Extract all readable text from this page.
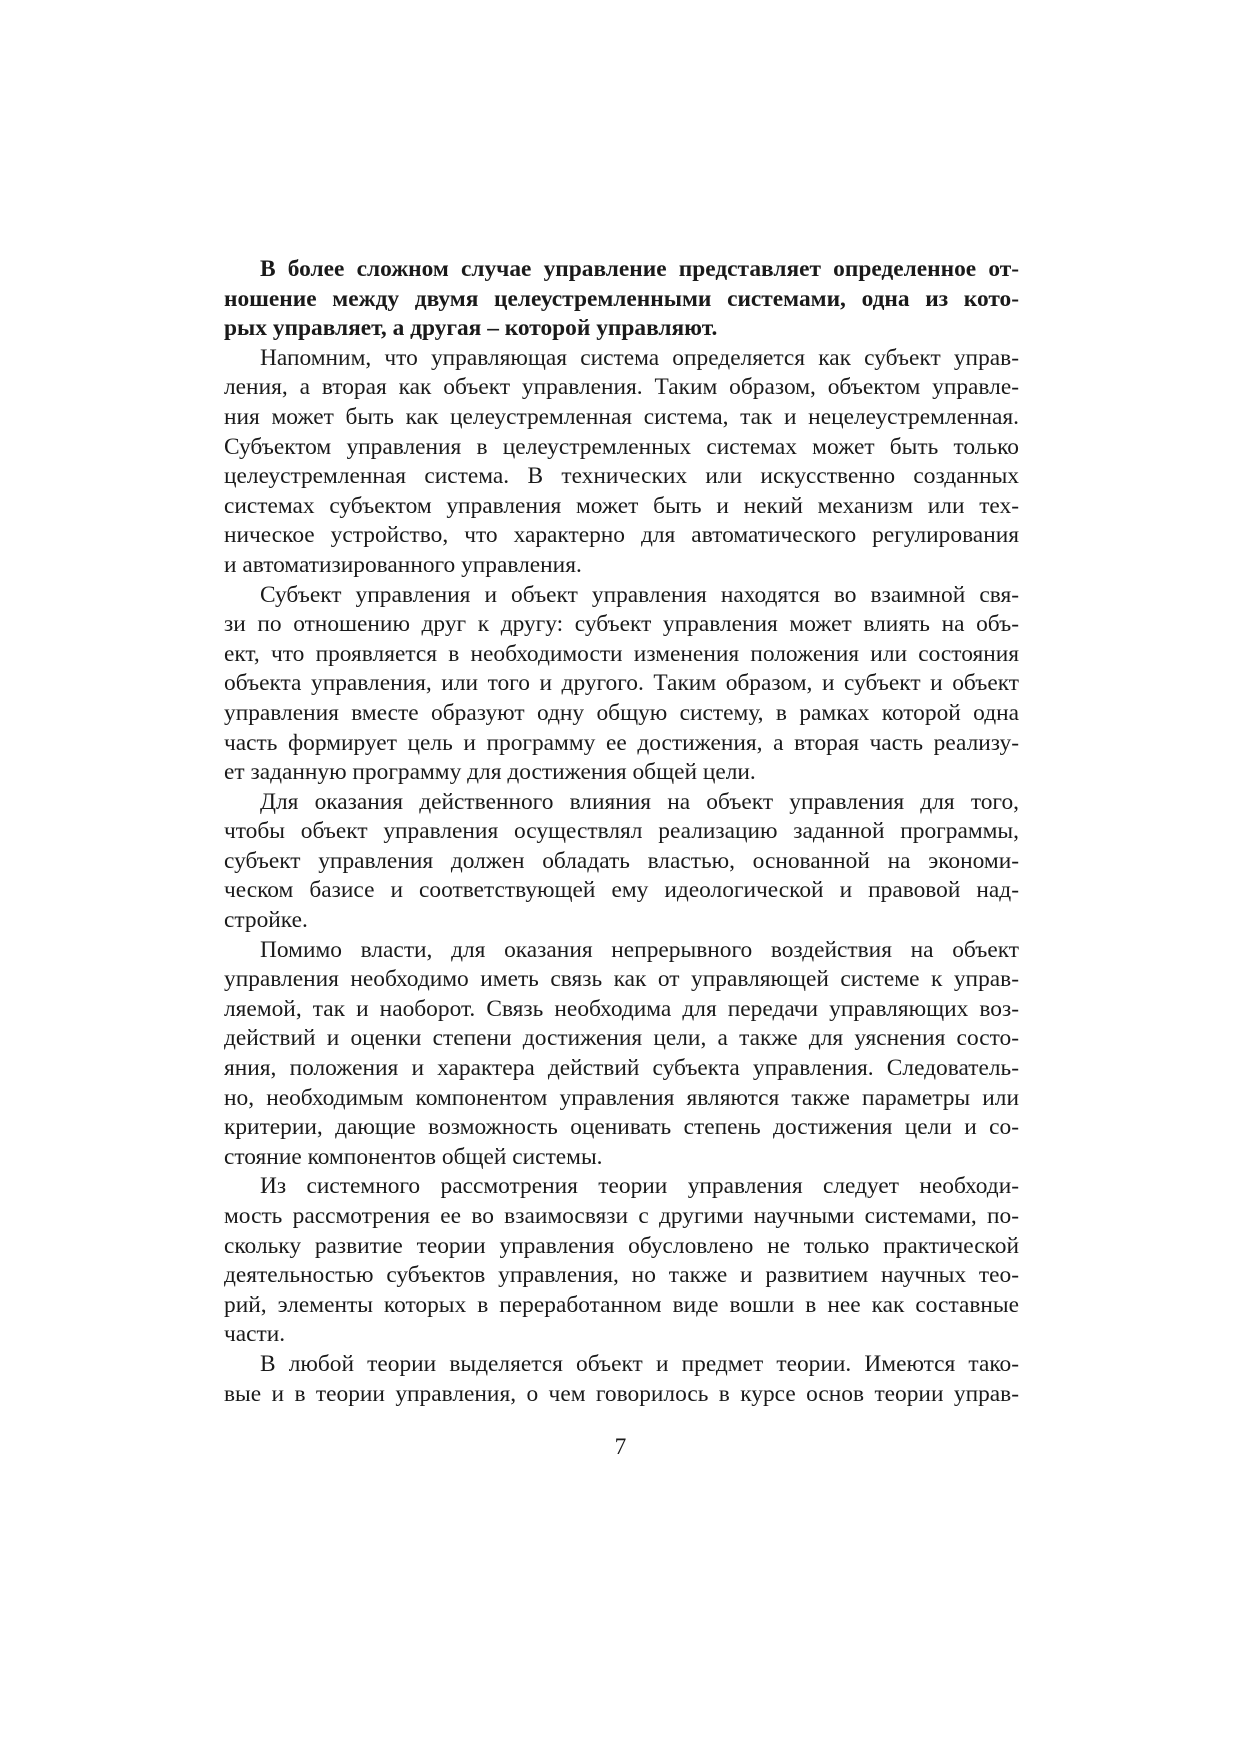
В более сложном случае управление представляет определенное от-
ношение между двумя целеустремленными системами, одна из кото-
рых управляет, а другая – которой управляют.
Напомним, что управляющая система определяется как субъект управ-
ления, а вторая как объект управления. Таким образом, объектом управле-
ния может быть как целеустремленная система, так и нецелеустремленная.
Субъектом управления в целеустремленных системах может быть только
целеустремленная система. В технических или искусственно созданных
системах субъектом управления может быть и некий механизм или тех-
ническое устройство, что характерно для автоматического регулирования
и автоматизированного управления.
Субъект управления и объект управления находятся во взаимной свя-
зи по отношению друг к другу: субъект управления может влиять на объ-
ект, что проявляется в необходимости изменения положения или состояния
объекта управления, или того и другого. Таким образом, и субъект и объект
управления вместе образуют одну общую систему, в рамках которой одна
часть формирует цель и программу ее достижения, а вторая часть реализу-
ет заданную программу для достижения общей цели.
Для оказания действенного влияния на объект управления для того,
чтобы объект управления осуществлял реализацию заданной программы,
субъект управления должен обладать властью, основанной на экономи-
ческом базисе и соответствующей ему идеологической и правовой над-
стройке.
Помимо власти, для оказания непрерывного воздействия на объект
управления необходимо иметь связь как от управляющей системе к управ-
ляемой, так и наоборот. Связь необходима для передачи управляющих воз-
действий и оценки степени достижения цели, а также для уяснения состо-
яния, положения и характера действий субъекта управления. Следователь-
но, необходимым компонентом управления являются также параметры или
критерии, дающие возможность оценивать степень достижения цели и со-
стояние компонентов общей системы.
Из системного рассмотрения теории управления следует необходи-
мость рассмотрения ее во взаимосвязи с другими научными системами, по-
скольку развитие теории управления обусловлено не только практической
деятельностью субъектов управления, но также и развитием научных тео-
рий, элементы которых в переработанном виде вошли в нее как составные
части.
В любой теории выделяется объект и предмет теории. Имеются тако-
вые и в теории управления, о чем говорилось в курсе основ теории управ-
7
